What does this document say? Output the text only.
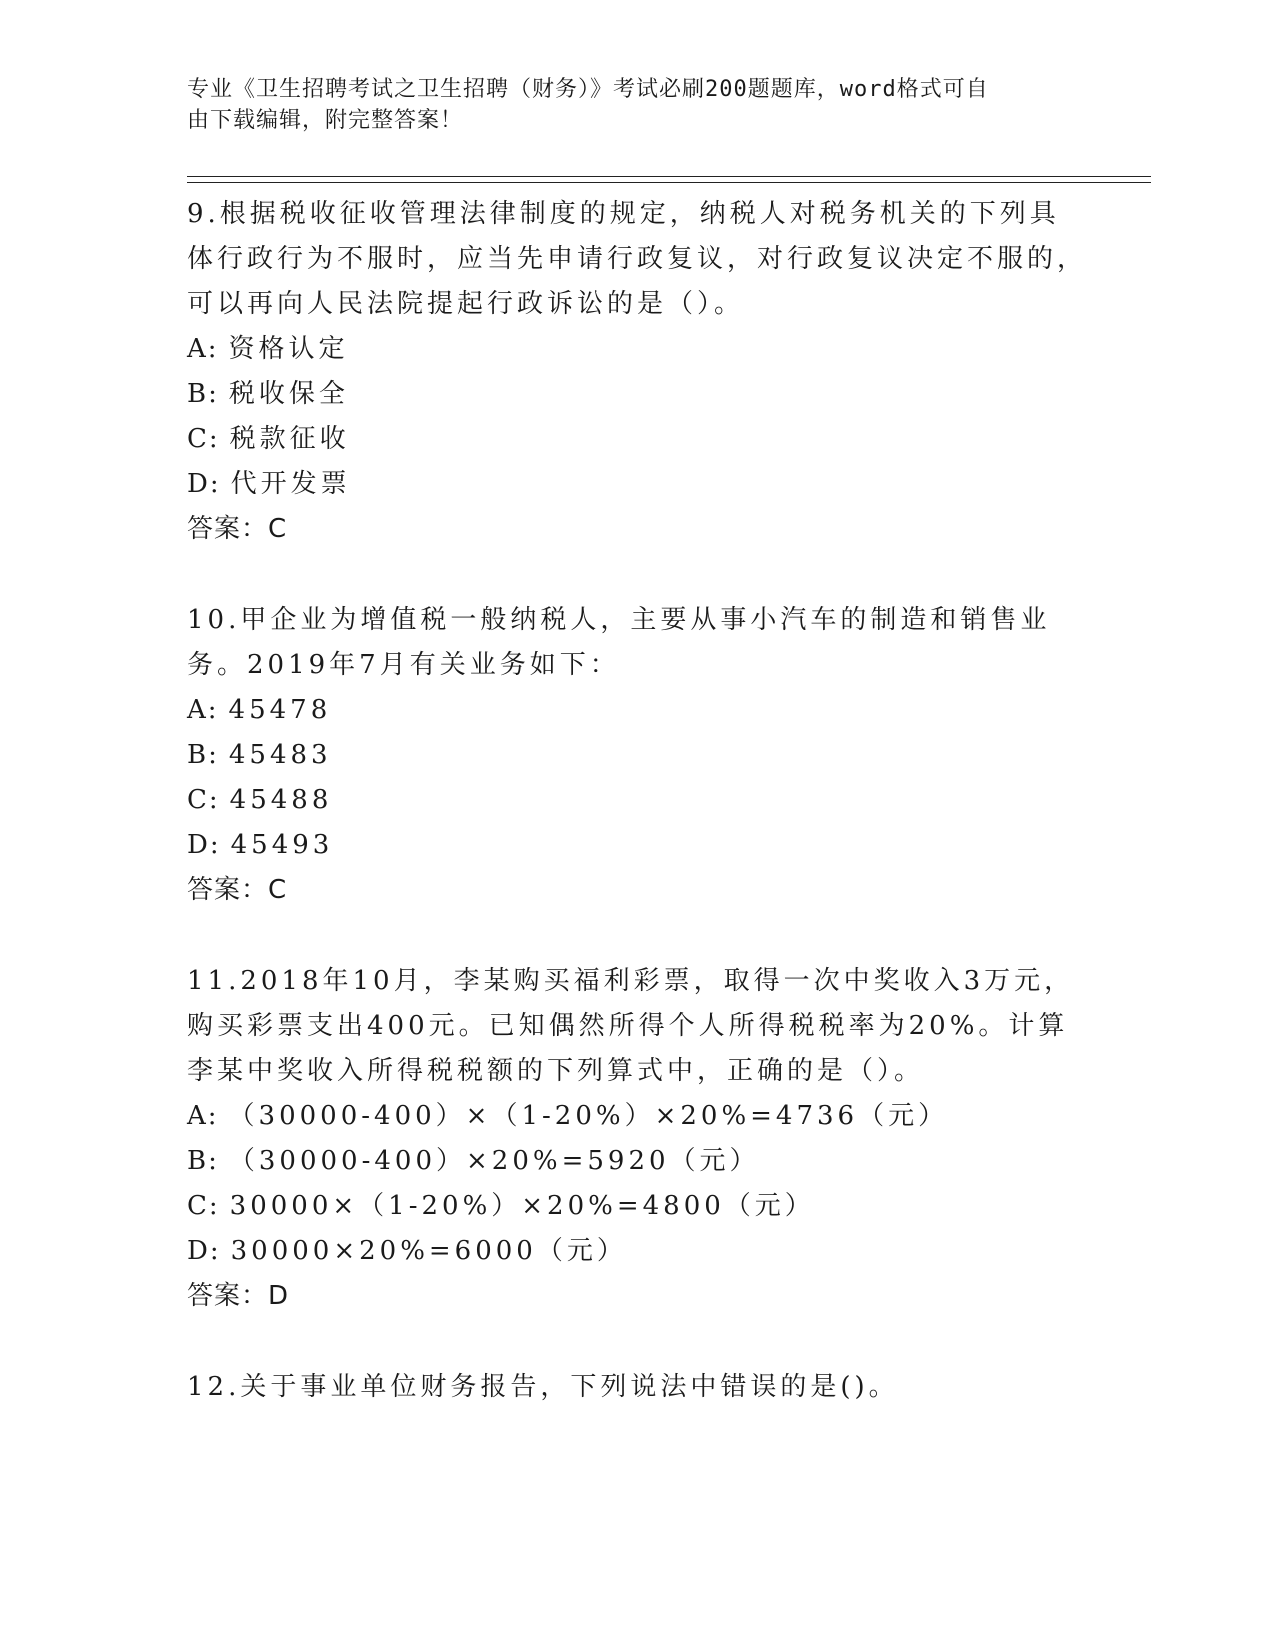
专业《卫生招聘考试之卫生招聘（财务）》考试必刷200题题库，word格式可自
由下载编辑，附完整答案！

9.根据税收征收管理法律制度的规定，纳税人对税务机关的下列具体行政行为不服时，应当先申请行政复议，对行政复议决定不服的，可以再向人民法院提起行政诉讼的是（）。

A: 资格认定

B: 税收保全

C: 税款征收

D: 代开发票

答案：C

10.甲企业为增值税一般纳税人，主要从事小汽车的制造和销售业务。2019年7月有关业务如下：

A: 45478

B: 45483

C: 45488

D: 45493

答案：C

11.2018年10月，李某购买福利彩票，取得一次中奖收入3万元，购买彩票支出400元。已知偶然所得个人所得税税率为20%。计算李某中奖收入所得税税额的下列算式中，正确的是（）。

A: （30000-400）×（1-20%）×20%=4736（元）

B: （30000-400）×20%=5920（元）

C: 30000×（1-20%）×20%=4800（元）

D: 30000×20%=6000（元）

答案：D

12.关于事业单位财务报告，下列说法中错误的是()。
